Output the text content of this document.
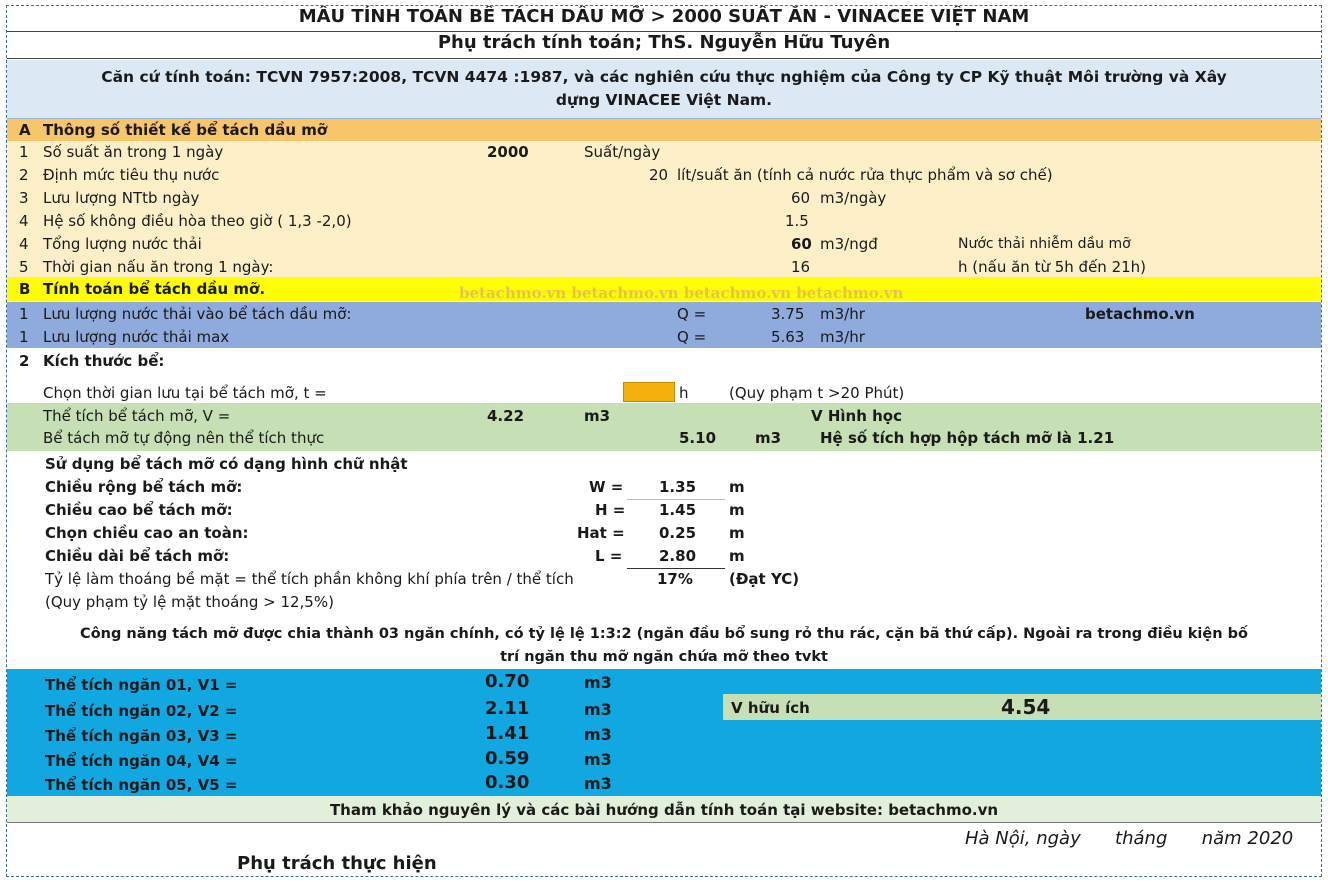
MẪU TÍNH TOÁN BỂ TÁCH DẦU MỠ > 2000 SUẤT ĂN - VINACEE VIỆT NAM
Phụ trách tính toán; ThS. Nguyễn Hữu Tuyên
Căn cứ tính toán: TCVN 7957:2008, TCVN 4474 :1987, và các nghiên cứu thực nghiệm của Công ty CP Kỹ thuật Môi trường và Xây
dựng VINACEE Việt Nam.
A Thông số thiết kế bể tách dầu mỡ
1 Số suất ăn trong 1 ngày	2000	Suất/ngày
2 Định mức tiêu thụ nước	20 lít/suất ăn (tính cả nước rửa thực phẩm và sơ chế)
3 Lưu lượng NTtb ngày	60 m3/ngày
4 Hệ số không điều hòa theo giờ ( 1,3 -2,0)	1.5
4 Tổng lượng nước thải	60 m3/ngđ	Nước thải nhiễm dầu mỡ
5 Thời gian nấu ăn trong 1 ngày:	16	h (nấu ăn từ 5h đến 21h)
B Tính toán bể tách dầu mỡ.	betachmo.vn betachmo.vn betachmo.vn betachmo.vn
1 Lưu lượng nước thải vào bể tách dầu mỡ:	Q =	3.75 m3/hr	betachmo.vn
1 Lưu lượng nước thải max	Q =	5.63 m3/hr
2 Kích thước bể:
Chọn thời gian lưu tại bể tách mỡ, t =	h	(Quy phạm t >20 Phút)
Thể tích bể tách mỡ, V =	4.22	m3	V Hình học
Bể tách mỡ tự động nên thể tích thực	5.10	m3	Hệ số tích hợp hộp tách mỡ là 1.21
Sử dụng bể tách mỡ có dạng hình chữ nhật
Chiều rộng bể tách mỡ:	W = 1.35 m
Chiều cao bể tách mỡ:	H = 1.45 m
Chọn chiều cao an toàn:	Hat = 0.25 m
Chiều dài bể tách mỡ:	L = 2.80 m
Tỷ lệ làm thoáng bề mặt = thể tích phần không khí phía trên / thể tích	17% (Đạt YC)
(Quy phạm tỷ lệ mặt thoáng > 12,5%)
Công năng tách mỡ được chia thành 03 ngăn chính, có tỷ lệ lệ 1:3:2 (ngăn đầu bổ sung rỏ thu rác, cặn bã thứ cấp). Ngoài ra trong điều kiện bố
trí ngăn thu mỡ ngăn chứa mỡ theo tvkt
Thể tích ngăn 01, V1 =	0.70	m3
Thể tích ngăn 02, V2 =	2.11	m3
Thể tích ngăn 03, V3 =	1.41	m3
Thể tích ngăn 04, V4 =	0.59	m3
Thể tích ngăn 05, V5 =	0.30	m3
V hữu ích	4.54
Tham khảo nguyên lý và các bài hướng dẫn tính toán tại website: betachmo.vn
Hà Nội, ngày      tháng      năm 2020
Phụ trách thực hiện
